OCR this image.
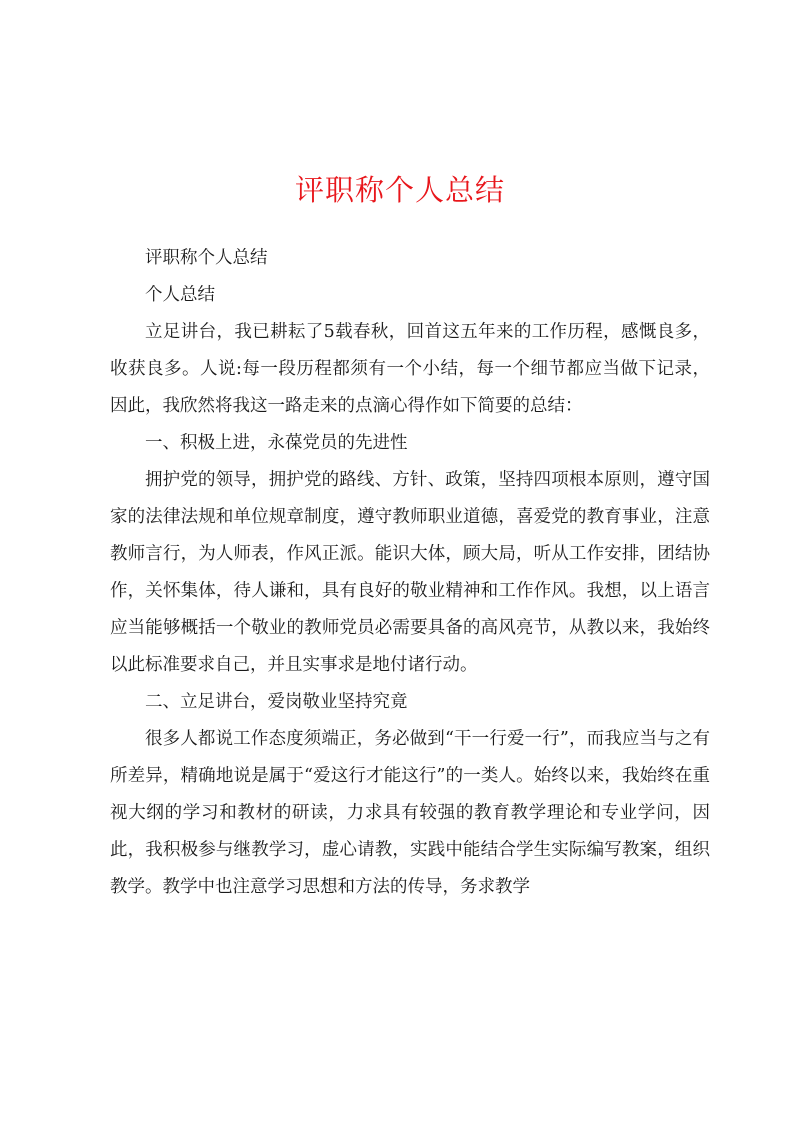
评职称个人总结

评职称个人总结

个人总结

立足讲台，我已耕耘了5载春秋，回首这五年来的工作历程，感慨良多，收获良多。人说:每一段历程都须有一个小结，每一个细节都应当做下记录，因此，我欣然将我这一路走来的点滴心得作如下简要的总结：

一、积极上进，永葆党员的先进性

拥护党的领导，拥护党的路线、方针、政策，坚持四项根本原则，遵守国家的法律法规和单位规章制度，遵守教师职业道德，喜爱党的教育事业，注意教师言行，为人师表，作风正派。能识大体，顾大局，听从工作安排，团结协作，关怀集体，待人谦和，具有良好的敬业精神和工作作风。我想，以上语言应当能够概括一个敬业的教师党员必需要具备的高风亮节，从教以来，我始终以此标准要求自己，并且实事求是地付诸行动。

二、立足讲台，爱岗敬业坚持究竟

很多人都说工作态度须端正，务必做到“干一行爱一行”，而我应当与之有所差异，精确地说是属于“爱这行才能这行”的一类人。始终以来，我始终在重视大纲的学习和教材的研读，力求具有较强的教育教学理论和专业学问，因此，我积极参与继教学习，虚心请教，实践中能结合学生实际编写教案，组织教学。教学中也注意学习思想和方法的传导，务求教学
